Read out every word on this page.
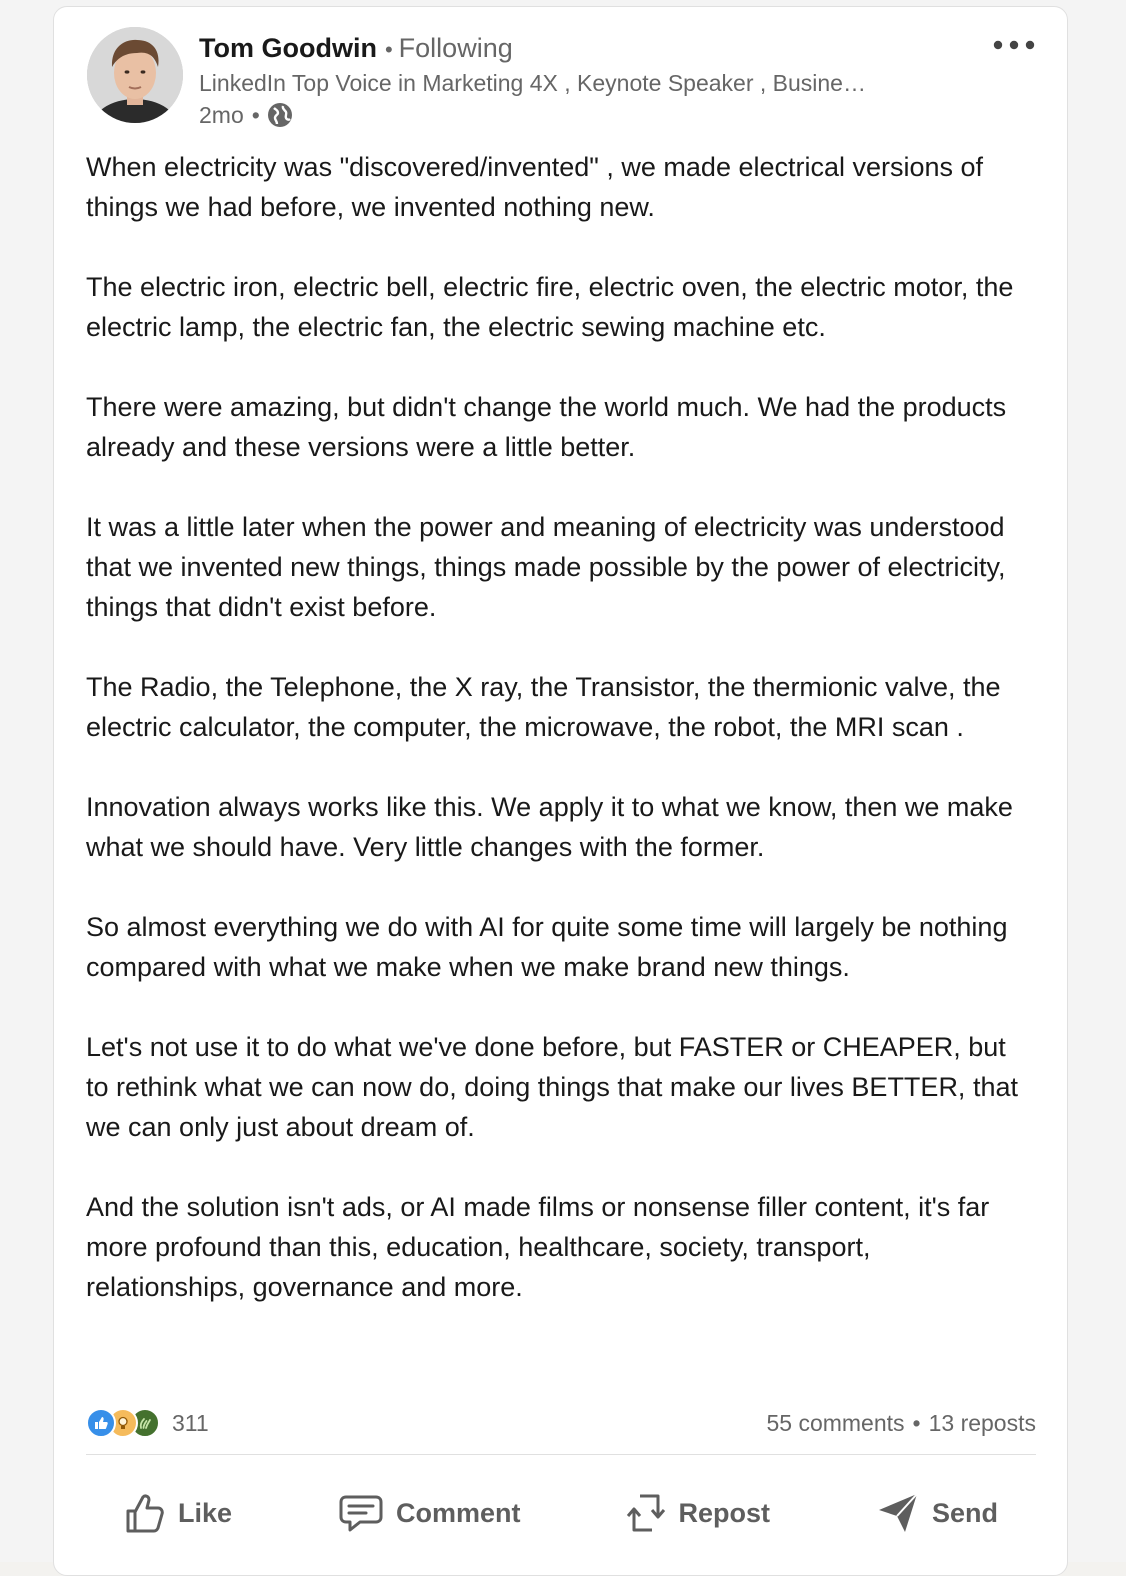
Tom Goodwin • Following
LinkedIn Top Voice in Marketing 4X , Keynote Speaker , Busine…
2mo •

When electricity was "discovered/invented" , we made electrical versions of things we had before, we invented nothing new.

The electric iron, electric bell, electric fire, electric oven, the electric motor, the electric lamp, the electric fan, the electric sewing machine etc.

There were amazing, but didn't change the world much. We had the products already and these versions were a little better.

It was a little later when the power and meaning of electricity was understood that we invented new things, things made possible by the power of electricity, things that didn't exist before.

The Radio, the Telephone, the X ray, the Transistor, the thermionic valve, the electric calculator, the computer, the microwave, the robot, the MRI scan .

Innovation always works like this. We apply it to what we know, then we make what we should have. Very little changes with the former.

So almost everything we do with AI for quite some time will largely be nothing compared with what we make when we make brand new things.

Let's not use it to do what we've done before, but FASTER or CHEAPER, but to rethink what we can now do, doing things that make our lives BETTER, that we can only just about dream of.

And the solution isn't ads, or AI made films or nonsense filler content, it's far more profound than this, education, healthcare, society, transport, relationships, governance and more.

311	55 comments • 13 reposts
Like	Comment	Repost	Send
